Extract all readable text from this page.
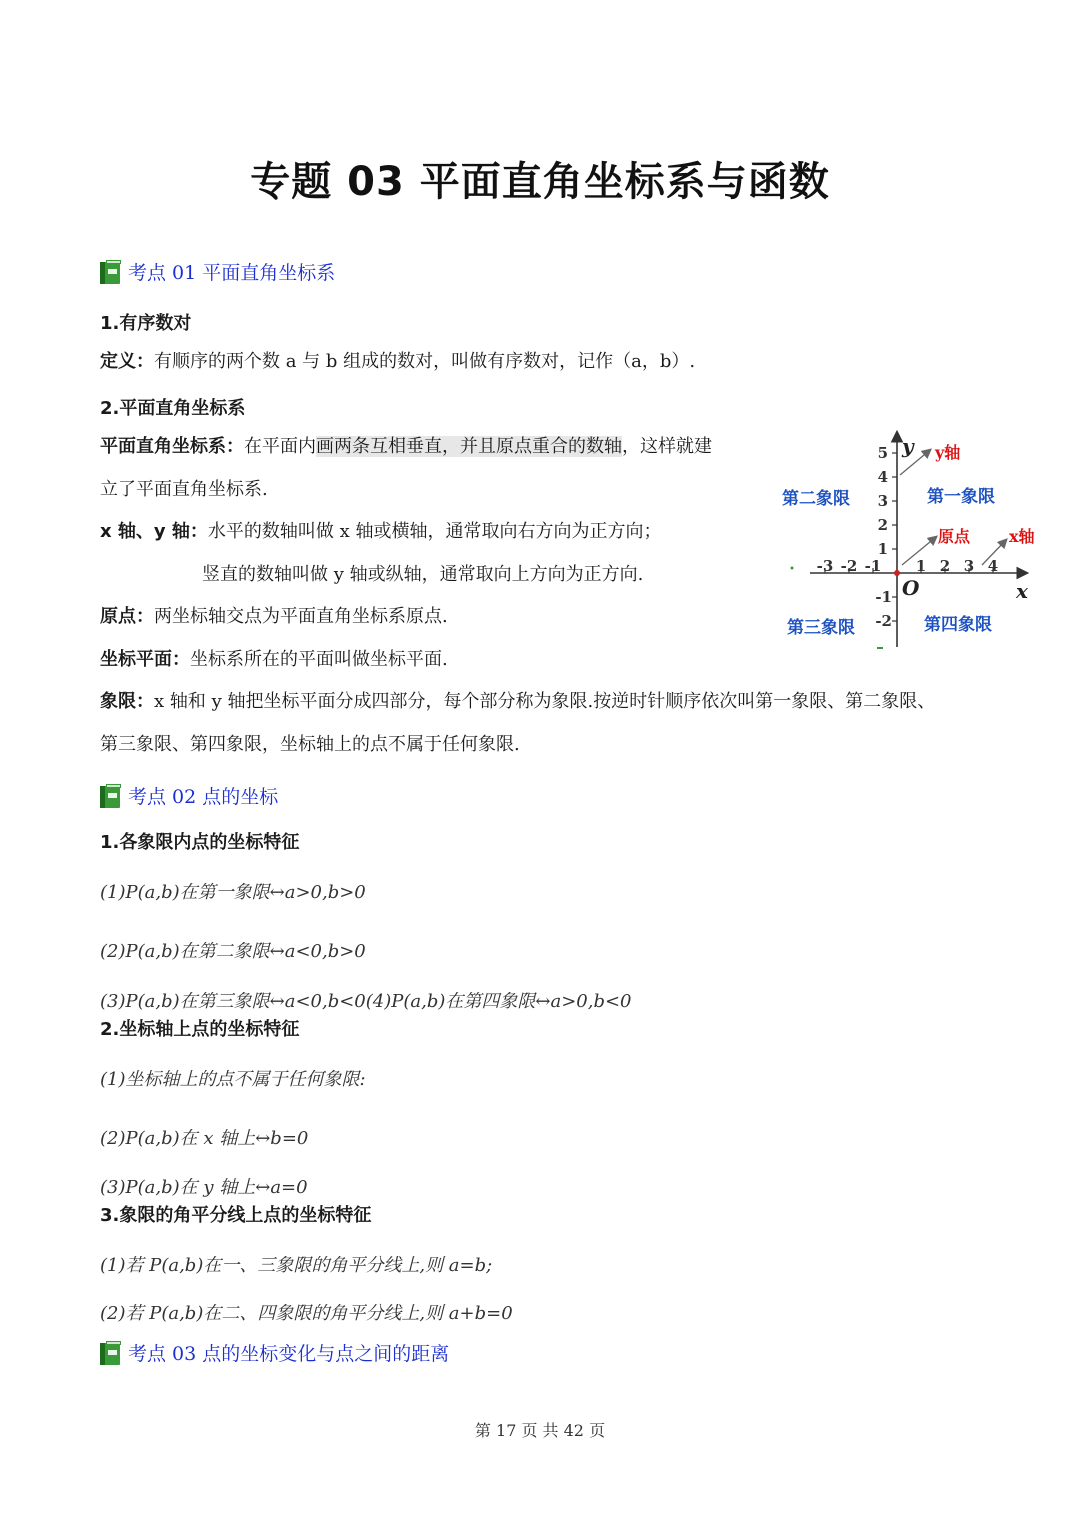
专题 03 平面直角坐标系与函数
考点 01 平面直角坐标系
1.有序数对
定义：有顺序的两个数 a 与 b 组成的数对，叫做有序数对，记作（a，b）.
2.平面直角坐标系
平面直角坐标系：在平面内画两条互相垂直，并且原点重合的数轴，这样就建
立了平面直角坐标系.
x 轴、y 轴：水平的数轴叫做 x 轴或横轴，通常取向右方向为正方向；
竖直的数轴叫做 y 轴或纵轴，通常取向上方向为正方向.
原点：两坐标轴交点为平面直角坐标系原点.
坐标平面：坐标系所在的平面叫做坐标平面.
象限：x 轴和 y 轴把坐标平面分成四部分，每个部分称为象限.按逆时针顺序依次叫第一象限、第二象限、
第三象限、第四象限，坐标轴上的点不属于任何象限.
5
4
3
2
1
-1
-2
-3 -2 -1 1 2 3 4
y
x
O
y轴
原点 x轴
第二象限	第一象限
第三象限	第四象限
考点 02 点的坐标
1.各象限内点的坐标特征
(1)P(a,b)在第一象限↔a>0,b>0
(2)P(a,b)在第二象限↔a<0,b>0
(3)P(a,b)在第三象限↔a<0,b<0(4)P(a,b)在第四象限↔a>0,b<0
2.坐标轴上点的坐标特征
(1)坐标轴上的点不属于任何象限:
(2)P(a,b)在 x 轴上↔b=0
(3)P(a,b)在 y 轴上↔a=0
3.象限的角平分线上点的坐标特征
(1)若 P(a,b)在一、三象限的角平分线上,则 a=b;
(2)若 P(a,b)在二、四象限的角平分线上,则 a+b=0
考点 03 点的坐标变化与点之间的距离
第 17 页 共 42 页
